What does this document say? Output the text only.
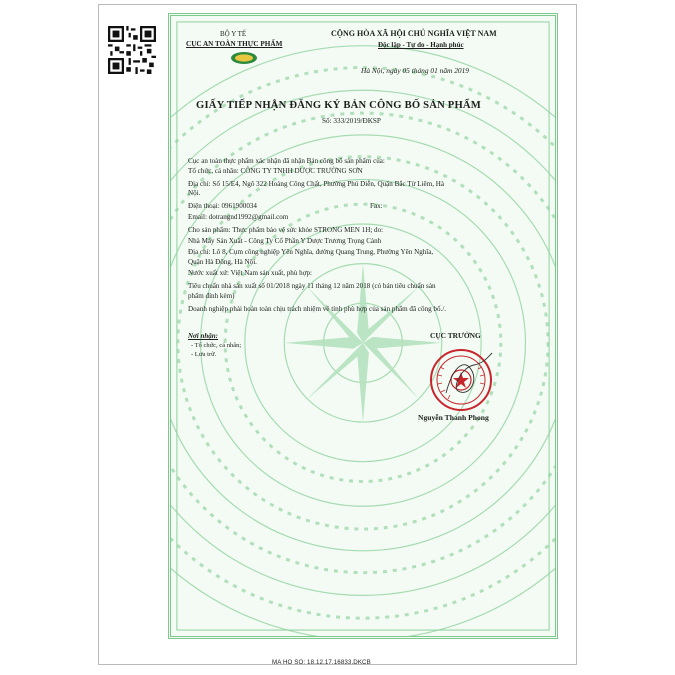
BỘ Y TẾ
CỤC AN TOÀN THỰC PHẨM
CỘNG HÒA XÃ HỘI CHỦ NGHĨA VIỆT NAM
Độc lập - Tự do - Hạnh phúc
Hà Nội, ngày 05 tháng 01 năm 2019
GIẤY TIẾP NHẬN ĐĂNG KÝ BẢN CÔNG BỐ SẢN PHẨM
Số: 333/2019/ĐKSP
Cục an toàn thực phẩm xác nhận đã nhận Bản công bố sản phẩm của:
Tổ chức, cá nhân: CÔNG TY TNHH DƯỢC TRƯỜNG SƠN
Địa chỉ: Số 15/E4, Ngõ 322 Hoàng Công Chất, Phường Phú Diễn, Quận Bắc Từ Liêm, Hà
Nội.
Điện thoại: 0961900034	Fax:
Email: dotrangnd1992@gmail.com
Cho sản phẩm: Thực phẩm bảo vệ sức khỏe STRONG MEN 1H; do:
Nhà Máy Sản Xuất - Công Ty Cổ Phần Y Dược Trương Trọng Cảnh
Địa chỉ: Lô 8, Cụm công nghiệp Yên Nghĩa, đường Quang Trung, Phường Yên Nghĩa,
Quận Hà Đông, Hà Nội.
Nước xuất xứ: Việt Nam sản xuất, phù hợp:
Tiêu chuẩn nhà sản xuất số 01/2018 ngày 11 tháng 12 năm 2018 (có bản tiêu chuẩn sản
phẩm đính kèm)
Doanh nghiệp phải hoàn toàn chịu trách nhiệm về tính phù hợp của sản phẩm đã công bố./.
Nơi nhận:
- Tổ chức, cá nhân;
- Lưu trữ.
CỤC TRƯỞNG
Nguyễn Thanh Phong
MA HO SO: 18.12.17.16833.DKCB
